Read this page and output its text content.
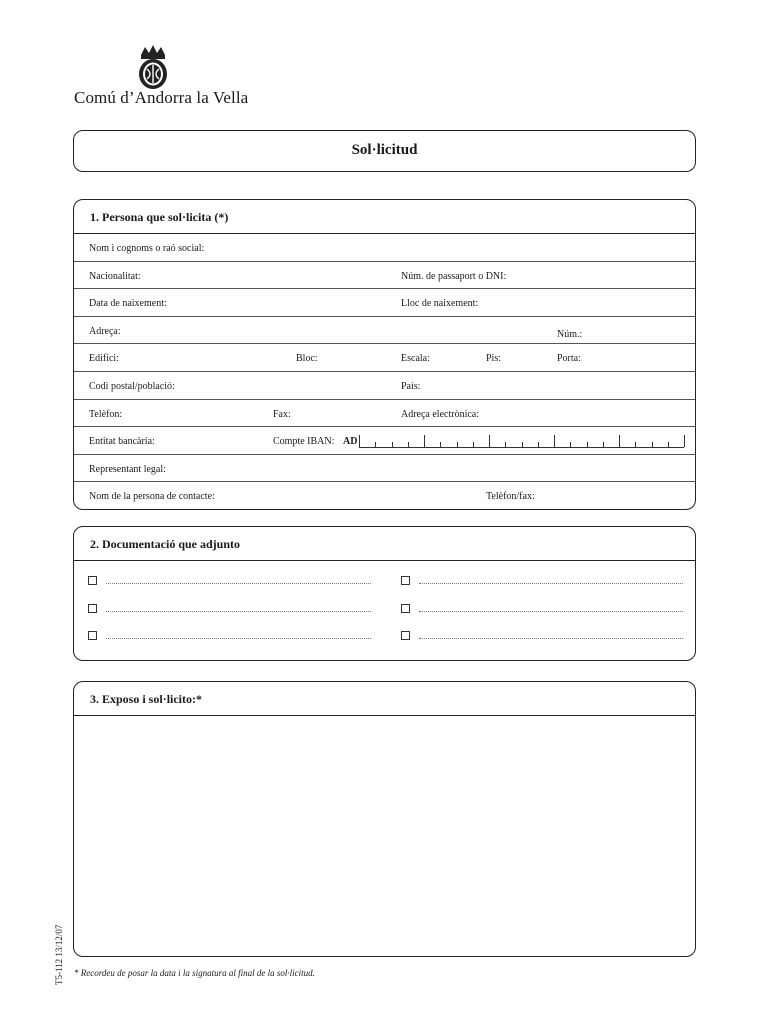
Comú d’Andorra la Vella
Sol·licitud
1. Persona que sol·licita (*)
Nom i cognoms o raó social:
Nacionalitat:	Núm. de passaport o DNI:
Data de naixement:	Lloc de naixement:
Adreça:	Núm.:
Edifici:	Bloc:	Escala:	Pis:	Porta:
Codi postal/població:	País:
Telèfon:	Fax:	Adreça electrònica:
Entitat bancària:	Compte IBAN: AD
Representant legal:
Nom de la persona de contacte:	Telèfon/fax:
2. Documentació que adjunto
3. Exposo i sol·licito:*
* Recordeu de posar la data i la signatura al final de la sol·licitud.
T5-112 13/12/07
